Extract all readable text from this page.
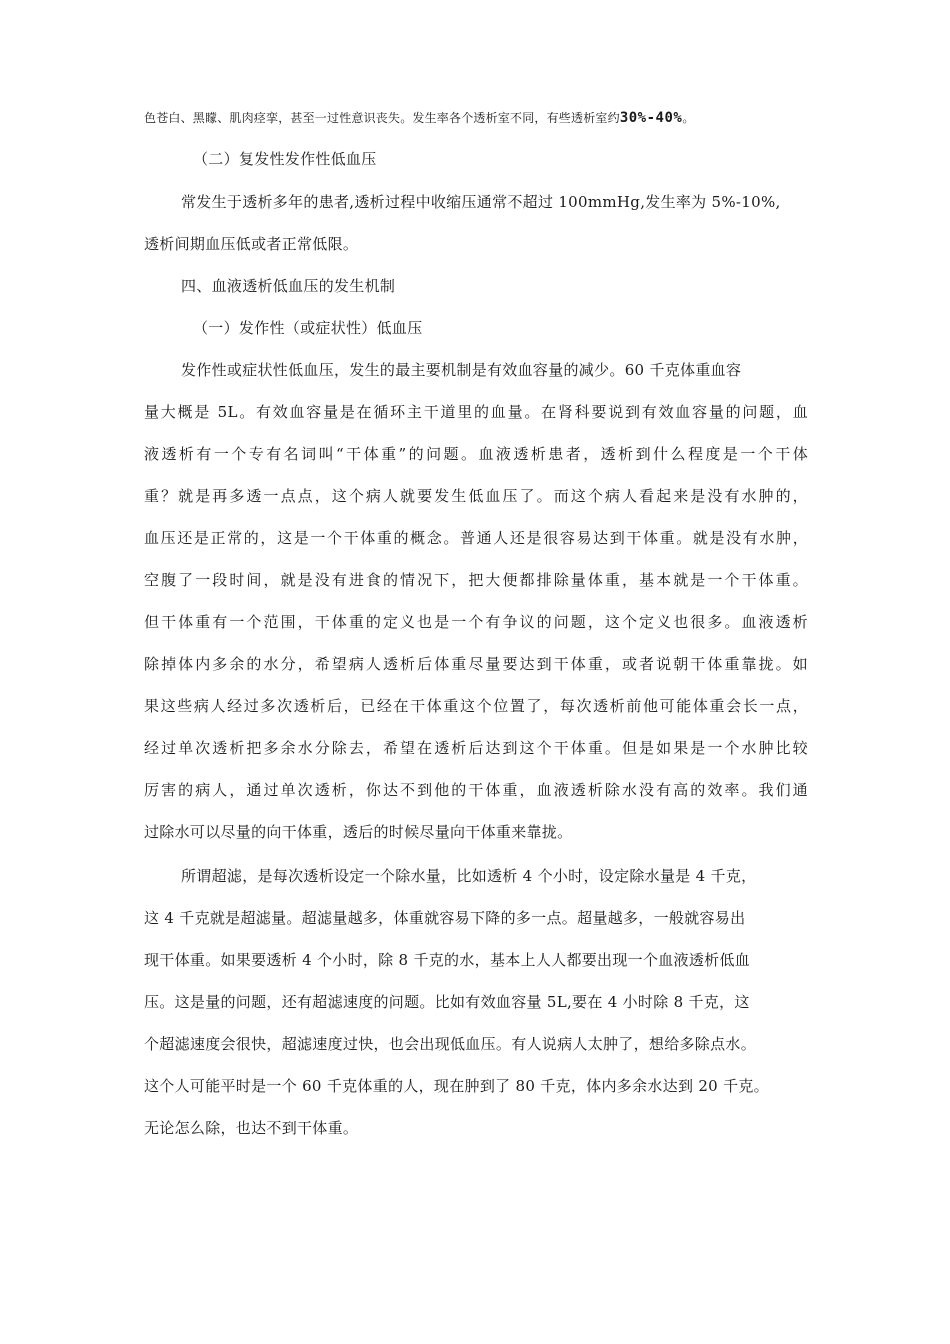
色苍白、黑矇、肌肉痉挛，甚至一过性意识丧失。发生率各个透析室不同，有些透析室约30%-40%。
（二）复发性发作性低血压
常发生于透析多年的患者,透析过程中收缩压通常不超过 100mmHg,发生率为 5%-10%,
透析间期血压低或者正常低限。
四、血液透析低血压的发生机制
（一）发作性（或症状性）低血压
发作性或症状性低血压，发生的最主要机制是有效血容量的减少。60 千克体重血容
量大概是 5L。有效血容量是在循环主干道里的血量。在肾科要说到有效血容量的问题，血
液透析有一个专有名词叫“干体重”的问题。血液透析患者，透析到什么程度是一个干体
重？就是再多透一点点，这个病人就要发生低血压了。而这个病人看起来是没有水肿的，
血压还是正常的，这是一个干体重的概念。普通人还是很容易达到干体重。就是没有水肿，
空腹了一段时间，就是没有进食的情况下，把大便都排除量体重，基本就是一个干体重。
但干体重有一个范围，干体重的定义也是一个有争议的问题，这个定义也很多。血液透析
除掉体内多余的水分，希望病人透析后体重尽量要达到干体重，或者说朝干体重靠拢。如
果这些病人经过多次透析后，已经在干体重这个位置了，每次透析前他可能体重会长一点，
经过单次透析把多余水分除去，希望在透析后达到这个干体重。但是如果是一个水肿比较
厉害的病人，通过单次透析，你达不到他的干体重，血液透析除水没有高的效率。我们通
过除水可以尽量的向干体重，透后的时候尽量向干体重来靠拢。
所谓超滤，是每次透析设定一个除水量，比如透析 4 个小时，设定除水量是 4 千克，
这 4 千克就是超滤量。超滤量越多，体重就容易下降的多一点。超量越多，一般就容易出
现干体重。如果要透析 4 个小时，除 8 千克的水，基本上人人都要出现一个血液透析低血
压。这是量的问题，还有超滤速度的问题。比如有效血容量 5L,要在 4 小时除 8 千克，这
个超滤速度会很快，超滤速度过快，也会出现低血压。有人说病人太肿了，想给多除点水。
这个人可能平时是一个 60 千克体重的人，现在肿到了 80 千克，体内多余水达到 20 千克。
无论怎么除，也达不到干体重。
